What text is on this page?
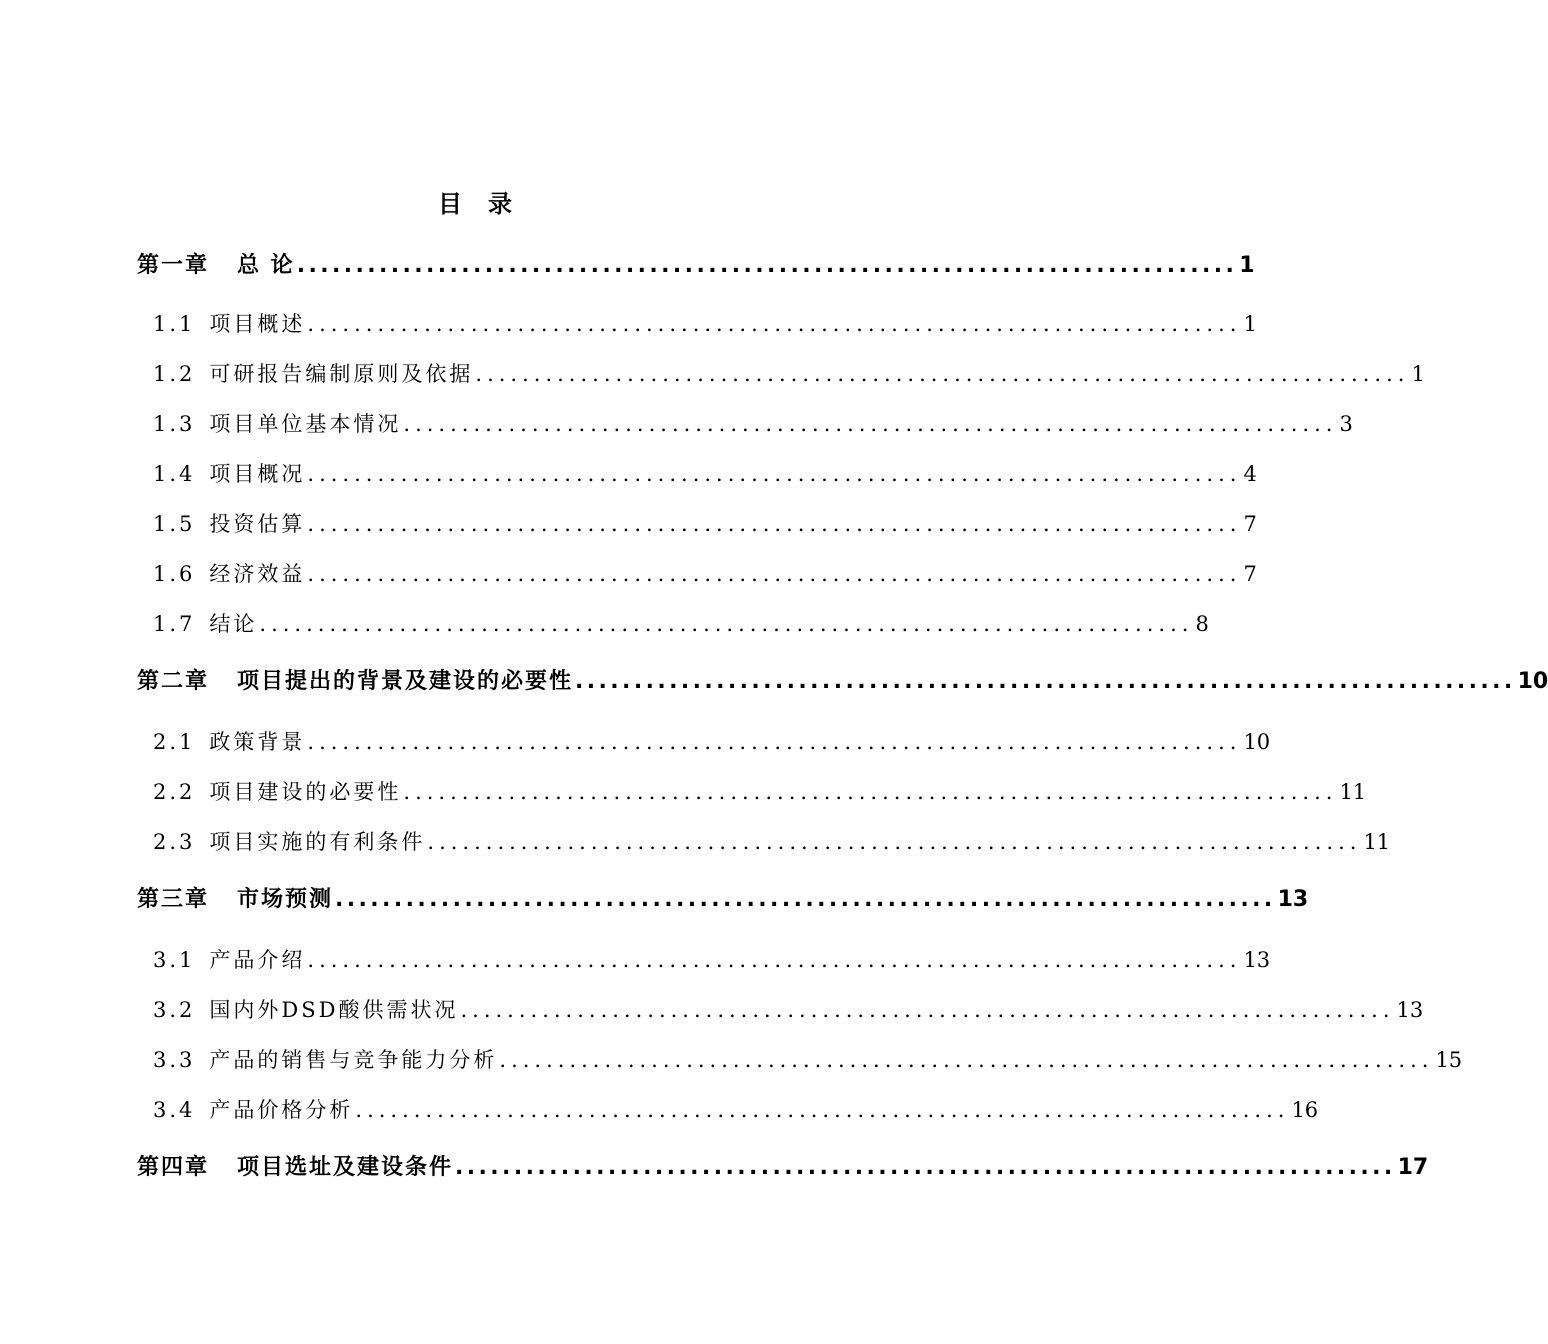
目录
第一章 总 论 ................................................................................ 1
1.1 项目概述 ................................................................................ 1
1.2 可研报告编制原则及依据 ................................................................................ 1
1.3 项目单位基本情况 ................................................................................ 3
1.4 项目概况 ................................................................................ 4
1.5 投资估算 ................................................................................ 7
1.6 经济效益 ................................................................................ 7
1.7 结论 ................................................................................ 8
第二章 项目提出的背景及建设的必要性 ................................................................................ 10
2.1 政策背景 ................................................................................ 10
2.2 项目建设的必要性 ................................................................................ 11
2.3 项目实施的有利条件 ................................................................................ 11
第三章 市场预测 ................................................................................ 13
3.1 产品介绍 ................................................................................ 13
3.2 国内外DSD酸供需状况 ................................................................................ 13
3.3 产品的销售与竞争能力分析 ................................................................................ 15
3.4 产品价格分析 ................................................................................ 16
第四章 项目选址及建设条件 ................................................................................ 17
